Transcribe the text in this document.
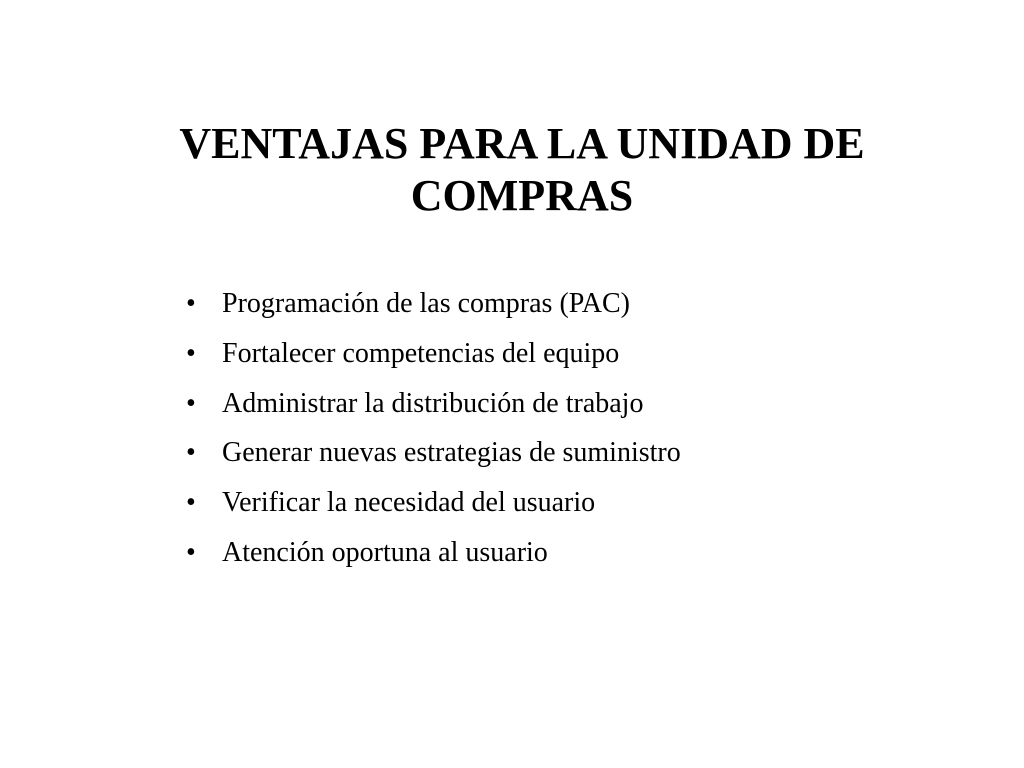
VENTAJAS PARA LA UNIDAD DE
COMPRAS
• Programación de las compras (PAC)
• Fortalecer competencias del equipo
• Administrar la distribución de trabajo
• Generar nuevas estrategias de suministro
• Verificar la necesidad del usuario
• Atención oportuna al usuario
